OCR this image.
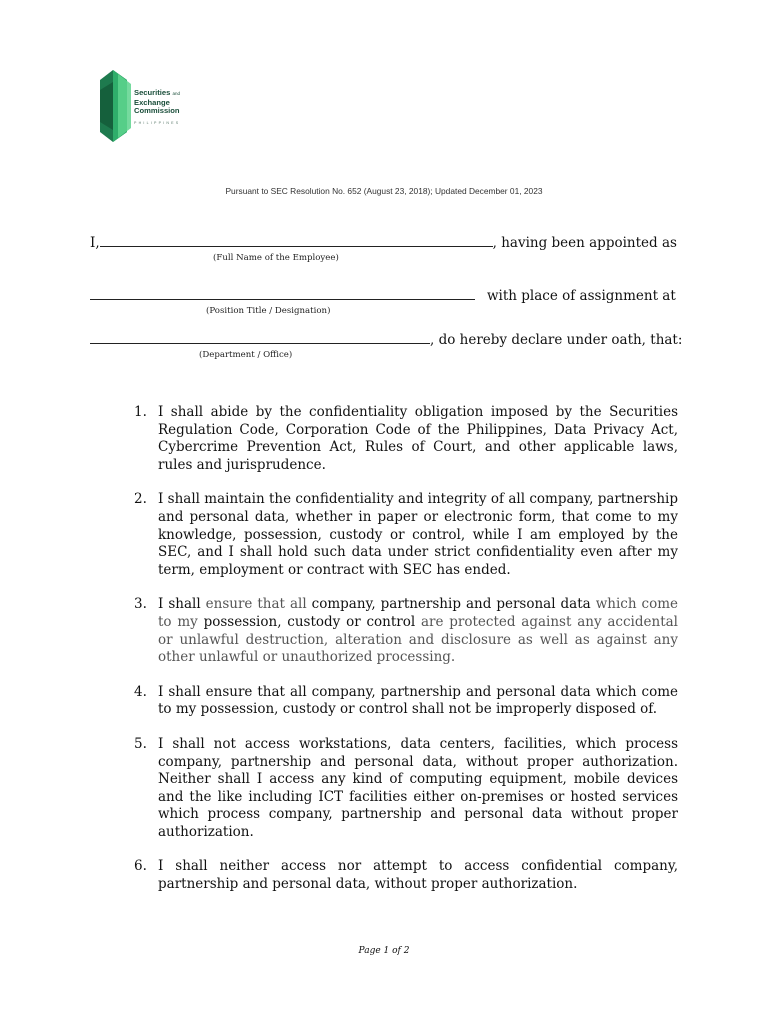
Securities and
Exchange
Commission
PHILIPPINES
Pursuant to SEC Resolution No. 652 (August 23, 2018); Updated December 01, 2023
I,	, having been appointed as
(Full Name of the Employee)
with place of assignment at
(Position Title / Designation)
, do hereby declare under oath, that:
(Department / Office)
1. I shall abide by the confidentiality obligation imposed by the Securities Regulation Code, Corporation Code of the Philippines, Data Privacy Act, Cybercrime Prevention Act, Rules of Court, and other applicable laws, rules and jurisprudence.
2. I shall maintain the confidentiality and integrity of all company, partnership and personal data, whether in paper or electronic form, that come to my knowledge, possession, custody or control, while I am employed by the SEC, and I shall hold such data under strict confidentiality even after my term, employment or contract with SEC has ended.
3. I shall ensure that all company, partnership and personal data which come to my possession, custody or control are protected against any accidental or unlawful destruction, alteration and disclosure as well as against any other unlawful or unauthorized processing.
4. I shall ensure that all company, partnership and personal data which come to my possession, custody or control shall not be improperly disposed of.
5. I shall not access workstations, data centers, facilities, which process company, partnership and personal data, without proper authorization. Neither shall I access any kind of computing equipment, mobile devices and the like including ICT facilities either on-premises or hosted services which process company, partnership and personal data without proper authorization.
6. I shall neither access nor attempt to access confidential company, partnership and personal data, without proper authorization.
Page 1 of 2
